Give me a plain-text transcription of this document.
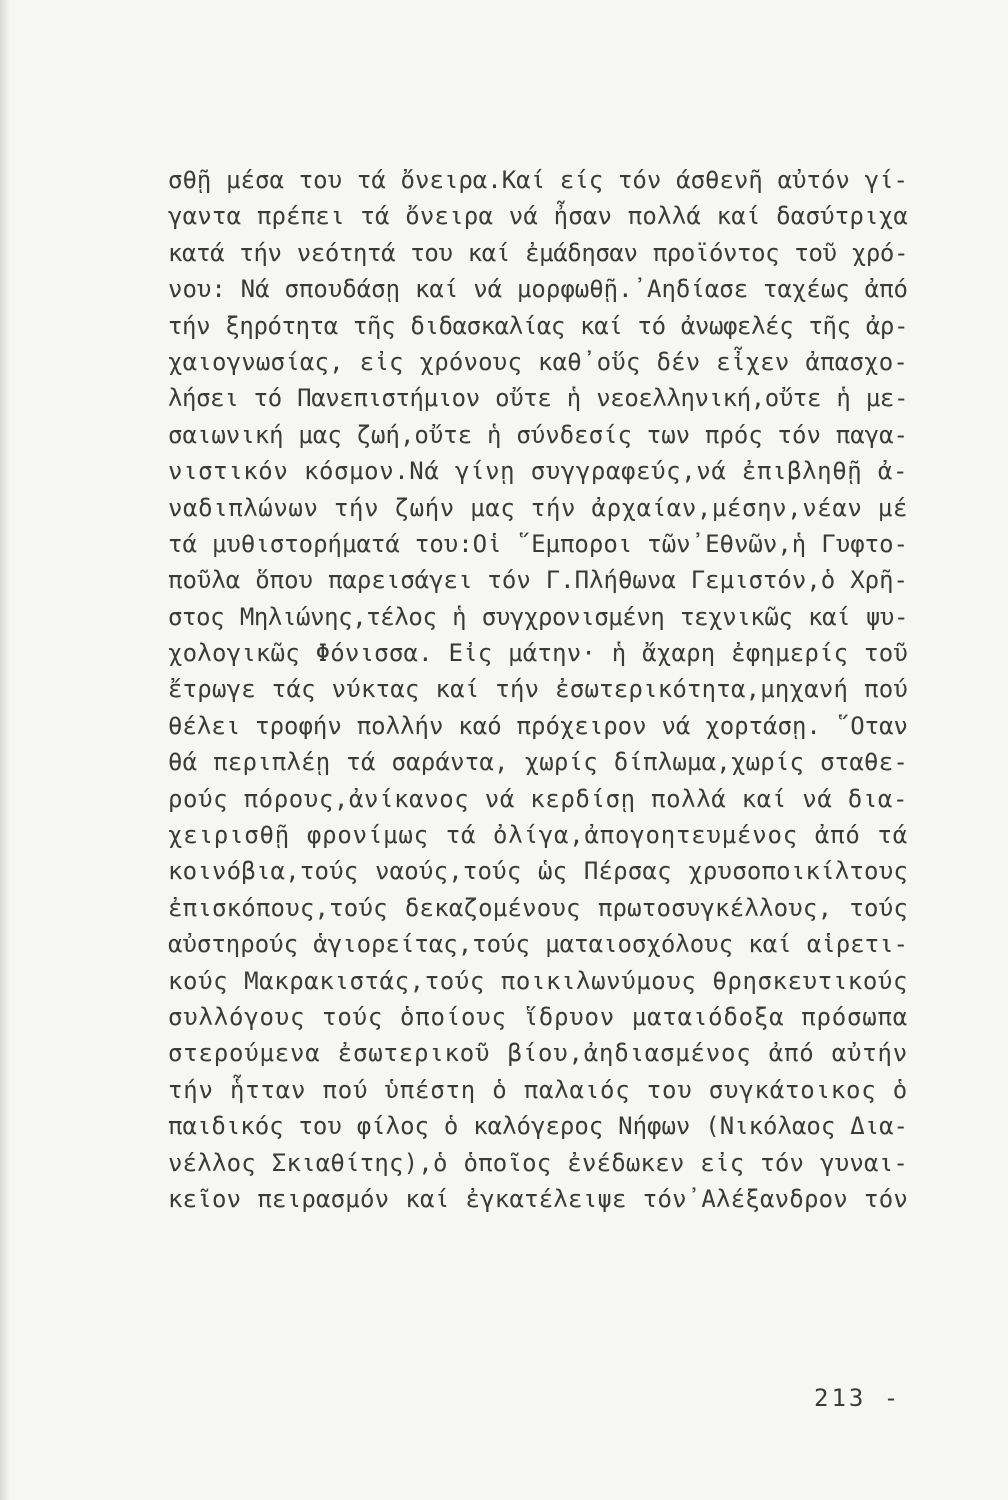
σθῇ μέσα του τά ὄνειρα.Καί είς τόν άσθενῆ αὐτόν γί-
γαντα πρέπει τά ὄνειρα νά ἦσαν πολλά καί δασύτριχα
κατά τήν νεότητά του καί ἐμάδησαν προϊόντος τοῦ χρό-
νου: Νά σπουδάσῃ καί νά μορφωθῇ.᾽Αηδίασε ταχέως ἀπό
τήν ξηρότητα τῆς διδασκαλίας καί τό ἀνωφελές τῆς ἀρ-
χαιογνωσίας, εἰς χρόνους καθ᾽οὕς δέν εἶχεν ἀπασχο-
λήσει τό Πανεπιστήμιον οὔτε ἡ νεοελληνική,οὔτε ἡ με-
σαιωνική μας ζωή,οὔτε ἡ σύνδεσίς των πρός τόν παγα-
νιστικόν κόσμον.Νά γίνῃ συγγραφεύς,νά ἐπιβληθῇ ἀ-
ναδιπλώνων τήν ζωήν μας τήν ἀρχαίαν,μέσην,νέαν μέ
τά μυθιστορήματά του:Οἱ ῞Εμποροι τῶν᾽Εθνῶν,ἡ Γυφτο-
ποῦλα ὅπου παρεισάγει τόν Γ.Πλήθωνα Γεμιστόν,ὁ Χρῆ-
στος Μηλιώνης,τέλος ἡ συγχρονισμένη τεχνικῶς καί ψυ-
χολογικῶς Φόνισσα. Εἰς μάτην· ἡ ἄχαρη ἐφημερίς τοῦ
ἔτρωγε τάς νύκτας καί τήν ἐσωτερικότητα,μηχανή πού
θέλει τροφήν πολλήν καό πρόχειρον νά χορτάσῃ. ῞Οταν
θά περιπλέῃ τά σαράντα, χωρίς δίπλωμα,χωρίς σταθε-
ρούς πόρους,ἀνίκανος νά κερδίσῃ πολλά καί νά δια-
χειρισθῇ φρονίμως τά ὀλίγα,ἀπογοητευμένος ἀπό τά
κοινόβια,τούς ναούς,τούς ὡς Πέρσας χρυσοποικίλτους
ἐπισκόπους,τούς δεκαζομένους πρωτοσυγκέλλους, τούς
αὐστηρούς ἁγιορείτας,τούς ματαιοσχόλους καί αἱρετι-
κούς Μακρακιστάς,τούς ποικιλωνύμους θρησκευτικούς
συλλόγους τούς ὁποίους ἵδρυον ματαιόδοξα πρόσωπα
στερούμενα ἐσωτερικοῦ βίου,ἀηδιασμένος ἀπό αὐτήν
τήν ἧτταν πού ὑπέστη ὁ παλαιός του συγκάτοικος ὁ
παιδικός του φίλος ὁ καλόγερος Νήφων (Νικόλαος Δια-
νέλλος Σκιαθίτης),ὁ ὁποῖος ἐνέδωκεν εἰς τόν γυναι-
κεῖον πειρασμόν καί ἐγκατέλειψε τόν᾽Αλέξανδρον τόν
213 -
